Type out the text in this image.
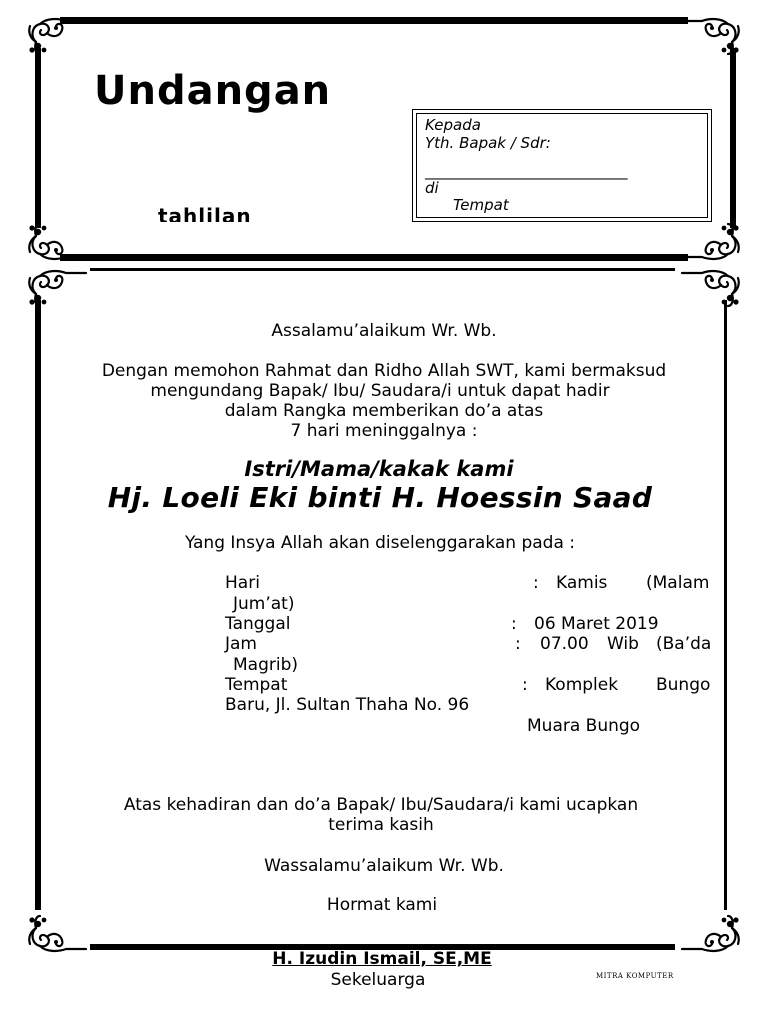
Undangan
tahlilan
Kepada
Yth. Bapak / Sdr:
___________________________
di
Tempat
Assalamu’alaikum Wr. Wb.
Dengan memohon Rahmat dan Ridho Allah SWT, kami bermaksud
mengundang Bapak/ Ibu/ Saudara/i untuk dapat hadir
dalam Rangka memberikan do’a atas
7 hari meninggalnya :
Istri/Mama/kakak kami
Hj. Loeli Eki binti H. Hoessin Saad
Yang Insya Allah akan diselenggarakan pada :
Hari	: Kamis (Malam
Jum’at)
Tanggal	: 06 Maret 2019
Jam	: 07.00 Wib (Ba’da
Magrib)
Tempat	: Komplek Bungo
Baru, Jl. Sultan Thaha No. 96
Muara Bungo
Atas kehadiran dan do’a Bapak/ Ibu/Saudara/i kami ucapkan
terima kasih
Wassalamu’alaikum Wr. Wb.
Hormat kami
H. Izudin Ismail, SE,ME
Sekeluarga	MITRA KOMPUTER
